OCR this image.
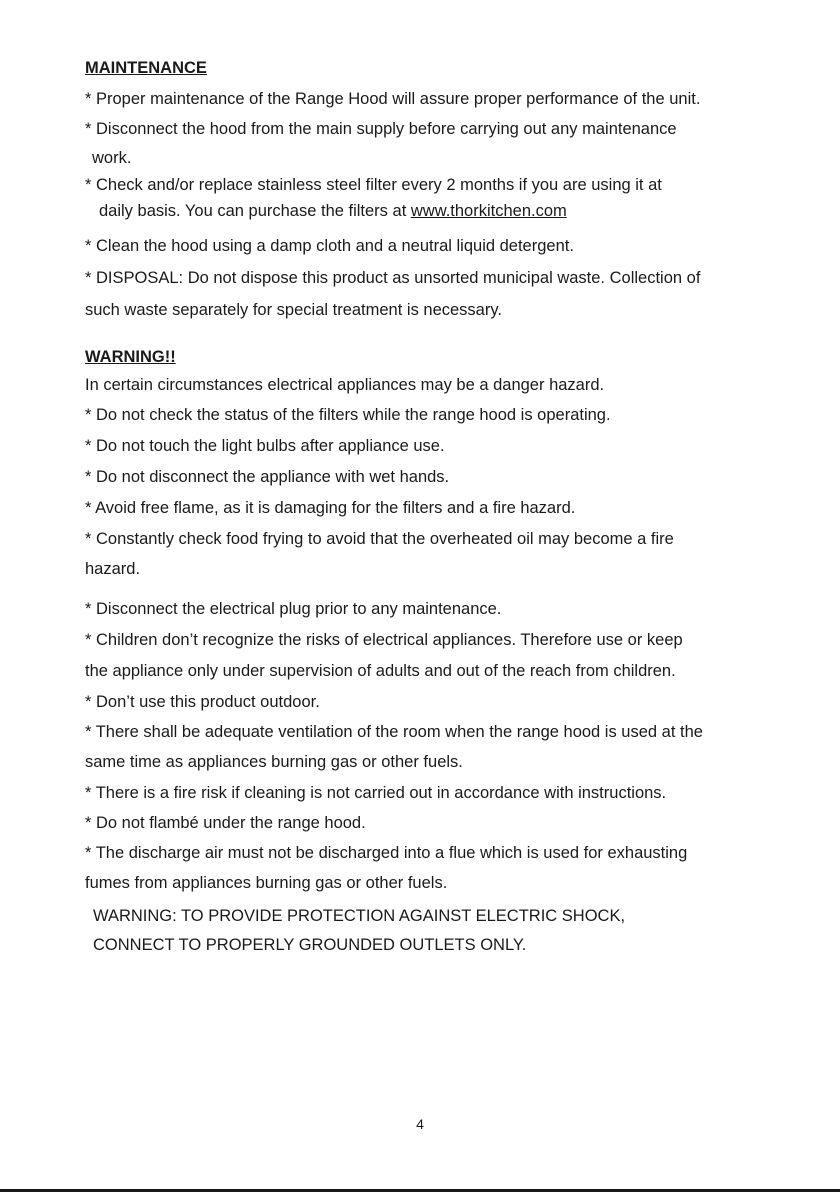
MAINTENANCE

* Proper maintenance of the Range Hood will assure proper performance of the unit.

* Disconnect the hood from the main supply before carrying out any maintenance

work.

* Check and/or replace stainless steel filter every 2 months if you are using it at

daily basis. You can purchase the filters at www.thorkitchen.com

* Clean the hood using a damp cloth and a neutral liquid detergent.

* DISPOSAL: Do not dispose this product as unsorted municipal waste. Collection of

such waste separately for special treatment is necessary.

WARNING!!

In certain circumstances electrical appliances may be a danger hazard.

* Do not check the status of the filters while the range hood is operating.

* Do not touch the light bulbs after appliance use.

* Do not disconnect the appliance with wet hands.

* Avoid free flame, as it is damaging for the filters and a fire hazard.

* Constantly check food frying to avoid that the overheated oil may become a fire

hazard.

* Disconnect the electrical plug prior to any maintenance.

* Children don’t recognize the risks of electrical appliances. Therefore use or keep

the appliance only under supervision of adults and out of the reach from children.

* Don’t use this product outdoor.

* There shall be adequate ventilation of the room when the range hood is used at the

same time as appliances burning gas or other fuels.

* There is a fire risk if cleaning is not carried out in accordance with instructions.

* Do not flambé under the range hood.

* The discharge air must not be discharged into a flue which is used for exhausting

fumes from appliances burning gas or other fuels.

WARNING: TO PROVIDE PROTECTION AGAINST ELECTRIC SHOCK,

CONNECT TO PROPERLY GROUNDED OUTLETS ONLY.

4
